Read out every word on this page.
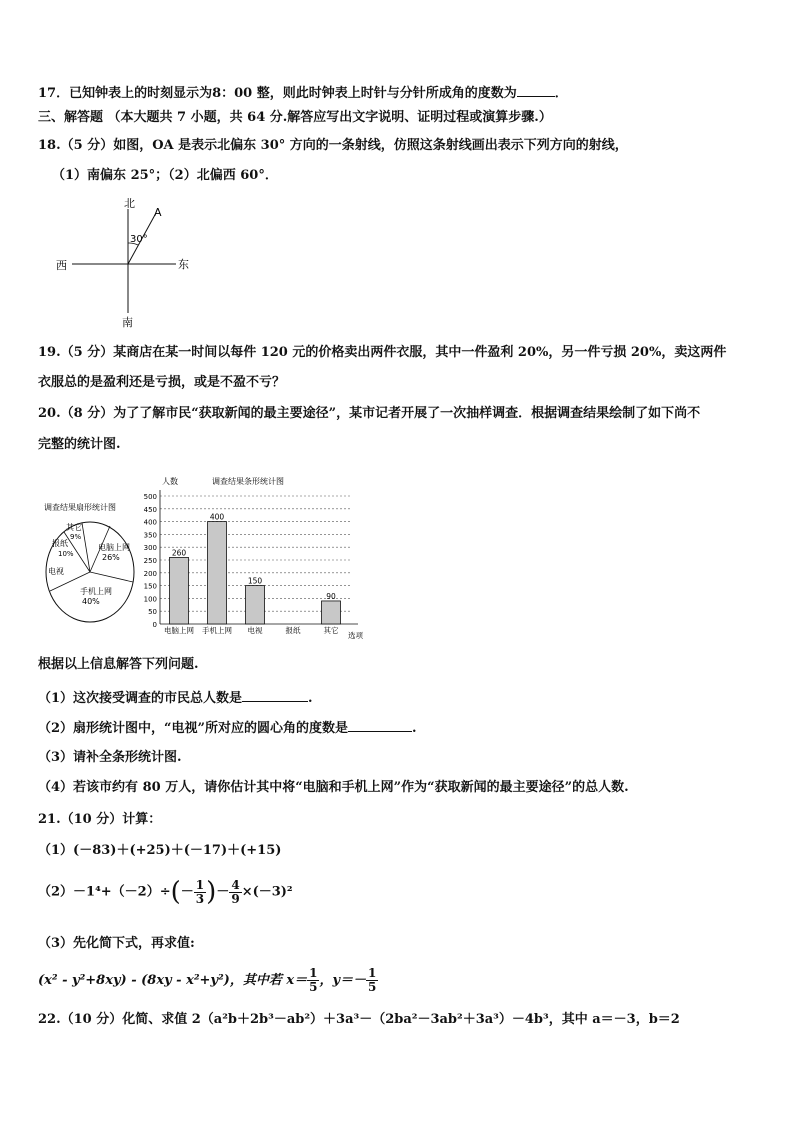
17．已知钟表上的时刻显示为8：00 整，则此时钟表上时针与分针所成角的度数为	．
三、解答题 （本大题共 7 小题，共 64 分.解答应写出文字说明、证明过程或演算步骤.）
18.（5 分）如图，OA 是表示北偏东 30° 方向的一条射线，仿照这条射线画出表示下列方向的射线，
（1）南偏东 25°；（2）北偏西 60°．
北
南
东
西
A
30°
19.（5 分）某商店在某一时间以每件 120 元的价格卖出两件衣服，其中一件盈利 20%，另一件亏损 20%，卖这两件
衣服总的是盈利还是亏损，或是不盈不亏？
20.（8 分）为了了解市民“获取新闻的最主要途径”，某市记者开展了一次抽样调查．根据调查结果绘制了如下尚不
完整的统计图.
调查结果扇形统计图
其它
9%
报纸
10%
电脑上网
26%
电视
手机上网
40%
人数	调查结果条形统计图
0
50
100
150
200
250
300
350
400
450
500
电脑上网
260
手机上网
400
电视
150
报纸	其它
90
选项
根据以上信息解答下列问题.
（1）这次接受调查的市民总人数是	.
（2）扇形统计图中，“电视”所对应的圆心角的度数是	.
（3）请补全条形统计图.
（4）若该市约有 80 万人，请你估计其中将“电脑和手机上网”作为“获取新闻的最主要途径”的总人数.
21.（10 分）计算：
（1）(－83)＋(+25)＋(－17)＋(+15)
$(2)-1^4+(-2)\div(- \frac{1}{3}$ )－ $\frac{4}{9} \times(-3)^2$
（3）先化简下式，再求值:
(x² - y²+8xy) - (8xy - x²+y²)，其中若 $x= \frac{1}{5}$ ，$y=- \frac{1}{5}$
22.（10 分）化简、求值 2（a²b＋2b³－ab²）＋3a³－（2ba²－3ab²＋3a³）－4b³，其中 a＝－3，b＝2
